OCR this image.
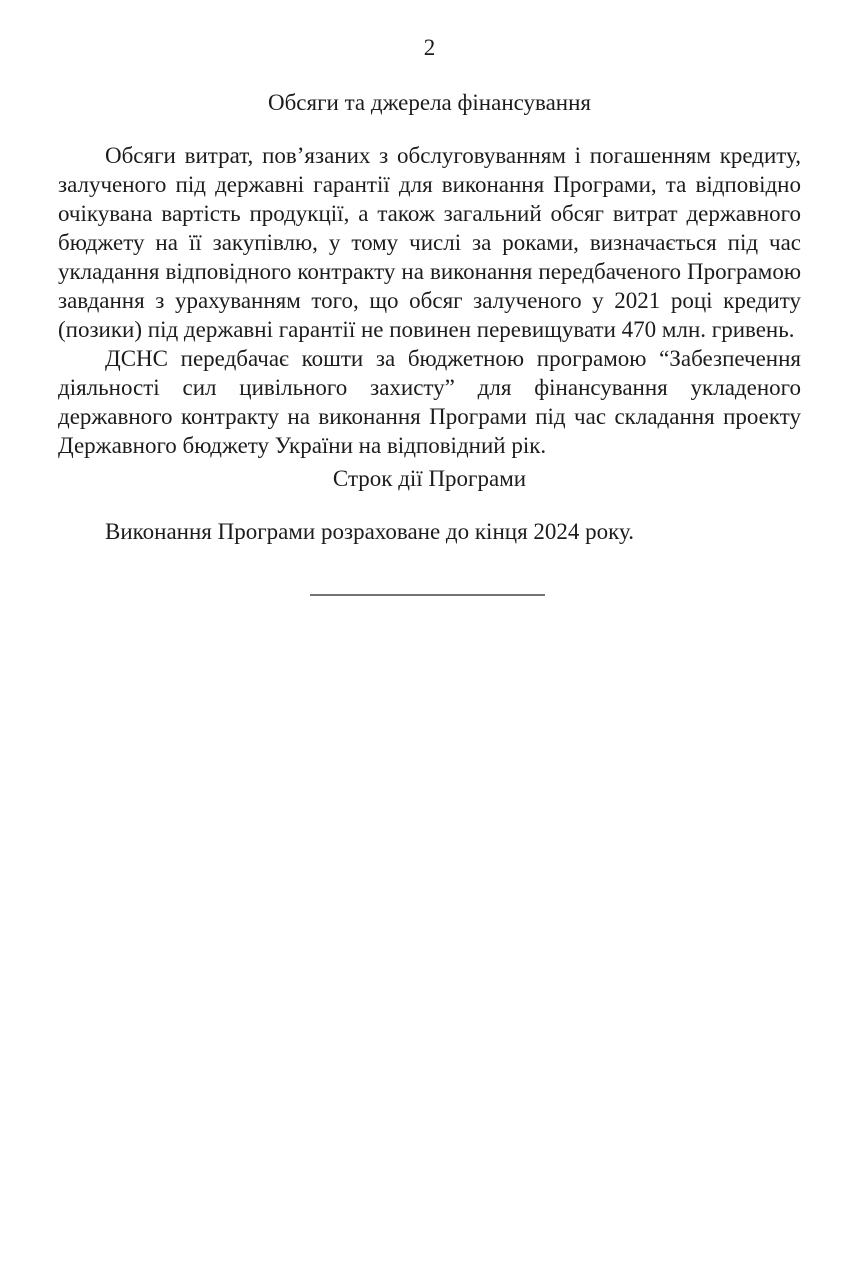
2
Обсяги та джерела фінансування

Обсяги витрат, пов’язаних з обслуговуванням і погашенням кредиту, залученого під державні гарантії для виконання Програми, та відповідно очікувана вартість продукції, а також загальний обсяг витрат державного бюджету на її закупівлю, у тому числі за роками, визначається під час укладання відповідного контракту на виконання передбаченого Програмою завдання з урахуванням того, що обсяг залученого у 2021 році кредиту (позики) під державні гарантії не повинен перевищувати 470 млн. гривень.

ДСНС передбачає кошти за бюджетною програмою “Забезпечення діяльності сил цивільного захисту” для фінансування укладеного державного контракту на виконання Програми під час складання проекту Державного бюджету України на відповідний рік.

Строк дії Програми

Виконання Програми розраховане до кінця 2024 року.
